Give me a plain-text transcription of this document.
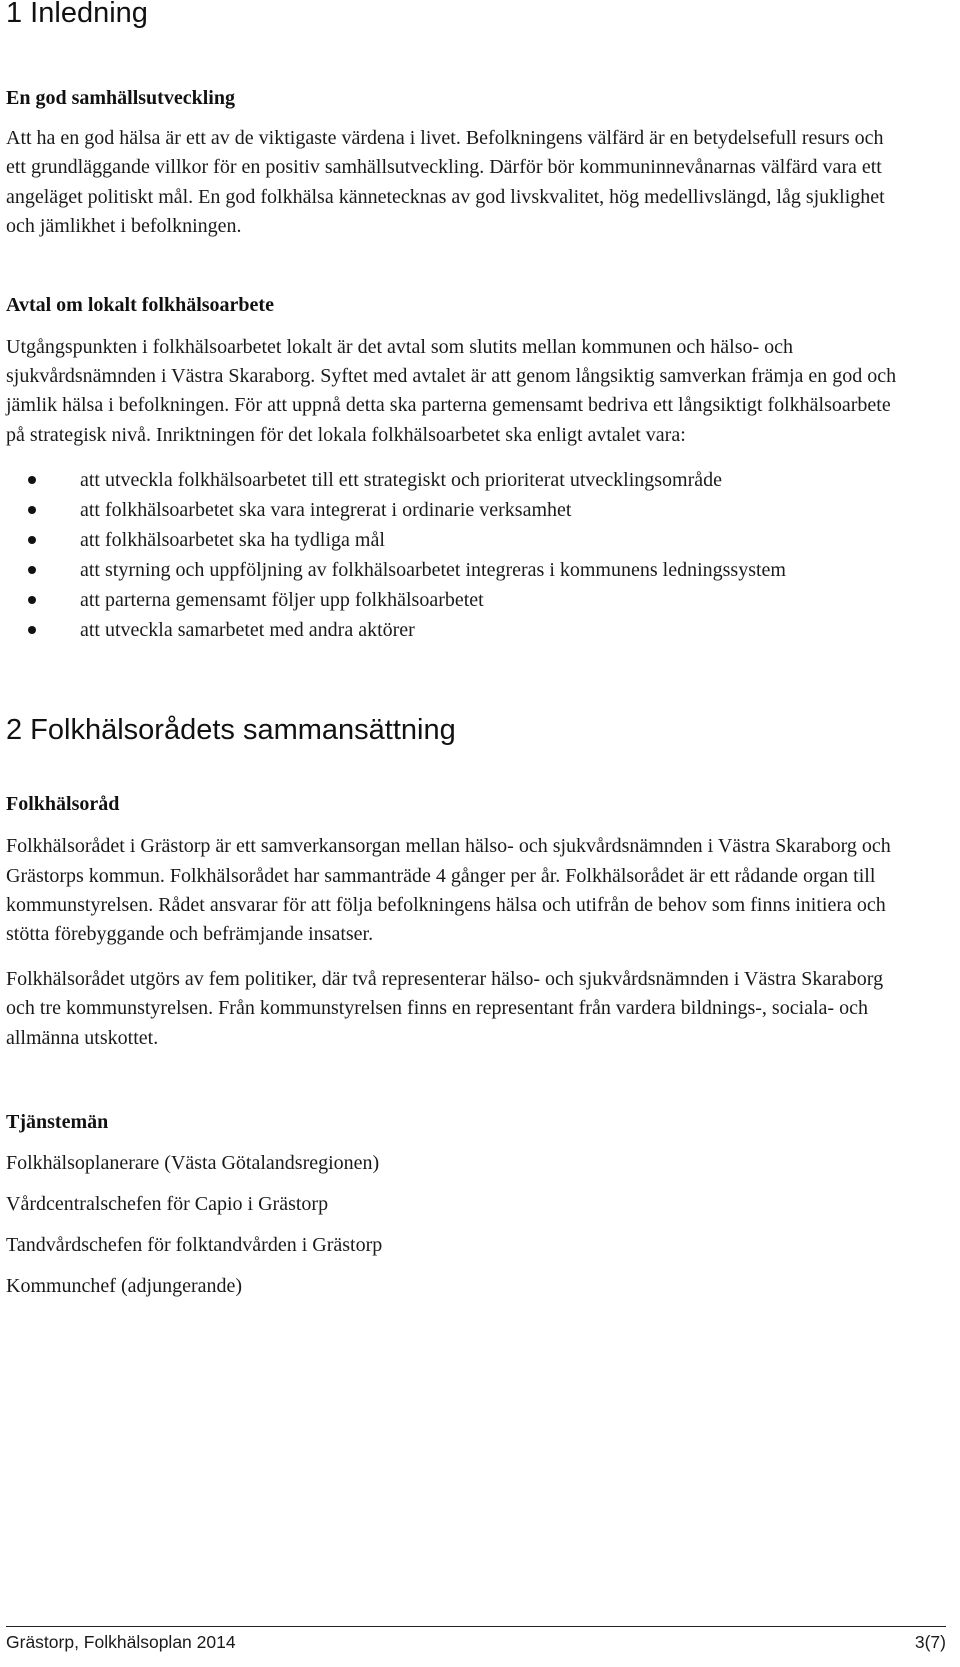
1 Inledning
En god samhällsutveckling

Att ha en god hälsa är ett av de viktigaste värdena i livet. Befolkningens välfärd är en betydelsefull resurs och ett grundläggande villkor för en positiv samhällsutveckling. Därför bör kommuninnevånarnas välfärd vara ett angeläget politiskt mål. En god folkhälsa kännetecknas av god livskvalitet, hög medellivslängd, låg sjuklighet och jämlikhet i befolkningen.

Avtal om lokalt folkhälsoarbete

Utgångspunkten i folkhälsoarbetet lokalt är det avtal som slutits mellan kommunen och hälso- och sjukvårdsnämnden i Västra Skaraborg. Syftet med avtalet är att genom långsiktig samverkan främja en god och jämlik hälsa i befolkningen. För att uppnå detta ska parterna gemensamt bedriva ett långsiktigt folkhälsoarbete på strategisk nivå. Inriktningen för det lokala folkhälsoarbetet ska enligt avtalet vara:

att utveckla folkhälsoarbetet till ett strategiskt och prioriterat utvecklingsområde
att folkhälsoarbetet ska vara integrerat i ordinarie verksamhet
att folkhälsoarbetet ska ha tydliga mål
att styrning och uppföljning av folkhälsoarbetet integreras i kommunens ledningssystem
att parterna gemensamt följer upp folkhälsoarbetet
att utveckla samarbetet med andra aktörer
2 Folkhälsorådets sammansättning
Folkhälsoråd

Folkhälsorådet i Grästorp är ett samverkansorgan mellan hälso- och sjukvårdsnämnden i Västra Skaraborg och Grästorps kommun. Folkhälsorådet har sammanträde 4 gånger per år. Folkhälsorådet är ett rådande organ till kommunstyrelsen. Rådet ansvarar för att följa befolkningens hälsa och utifrån de behov som finns initiera och stötta förebyggande och befrämjande insatser.

Folkhälsorådet utgörs av fem politiker, där två representerar hälso- och sjukvårdsnämnden i Västra Skaraborg och tre kommunstyrelsen. Från kommunstyrelsen finns en representant från vardera bildnings-, sociala- och allmänna utskottet.

Tjänstemän

Folkhälsoplanerare (Västa Götalandsregionen)

Vårdcentralschefen för Capio i Grästorp

Tandvårdschefen för folktandvården i Grästorp

Kommunchef (adjungerande)

Grästorp, Folkhälsoplan 2014	3(7)
